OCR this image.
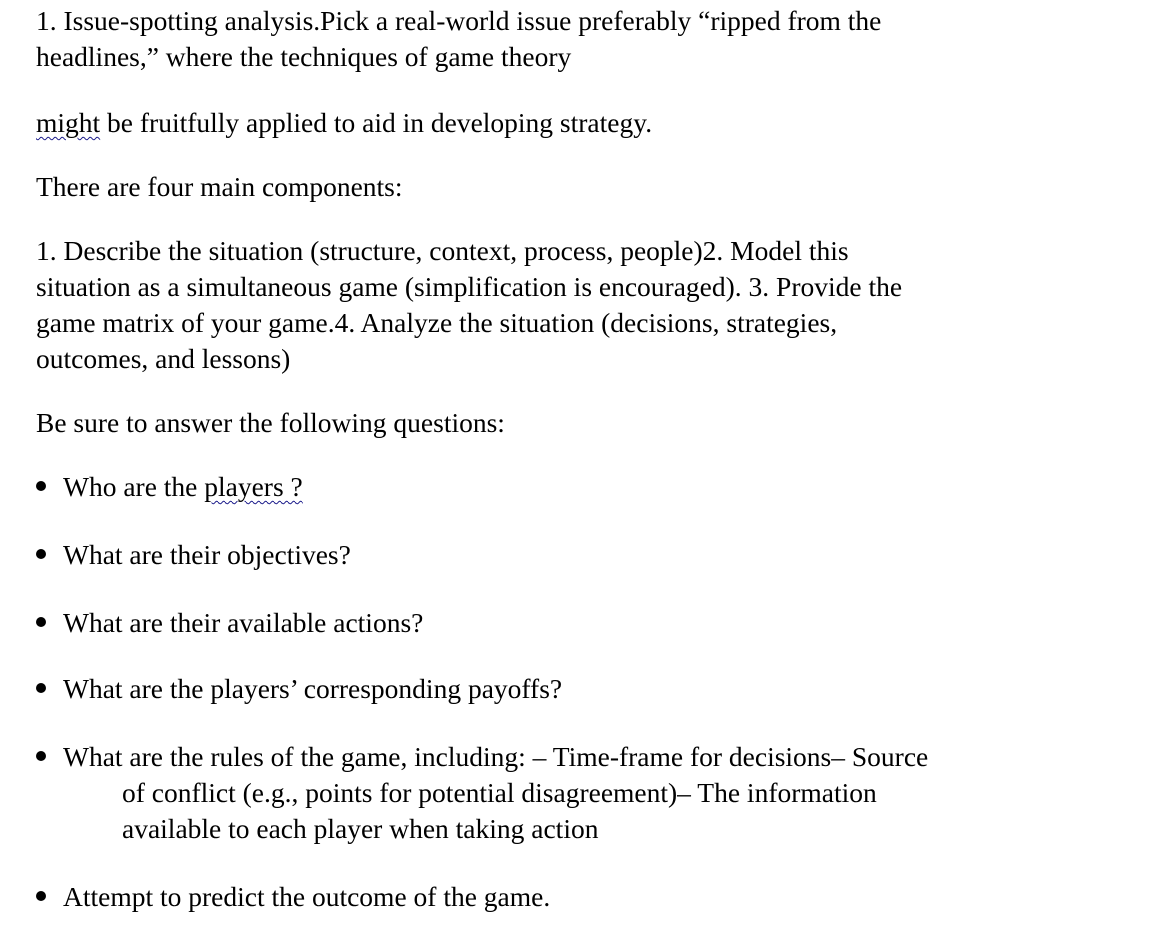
1. Issue-spotting analysis.Pick a real-world issue preferably “ripped from the
headlines,” where the techniques of game theory

might be fruitfully applied to aid in developing strategy.

There are four main components:

1. Describe the situation (structure, context, process, people)2. Model this
situation as a simultaneous game (simplification is encouraged). 3. Provide the
game matrix of your game.4. Analyze the situation (decisions, strategies,
outcomes, and lessons)

Be sure to answer the following questions:

Who are the players ?
What are their objectives?
What are their available actions?
What are the players’ corresponding payoffs?
What are the rules of the game, including: – Time-frame for decisions– Source
of conflict (e.g., points for potential disagreement)– The information
available to each player when taking action
Attempt to predict the outcome of the game.
